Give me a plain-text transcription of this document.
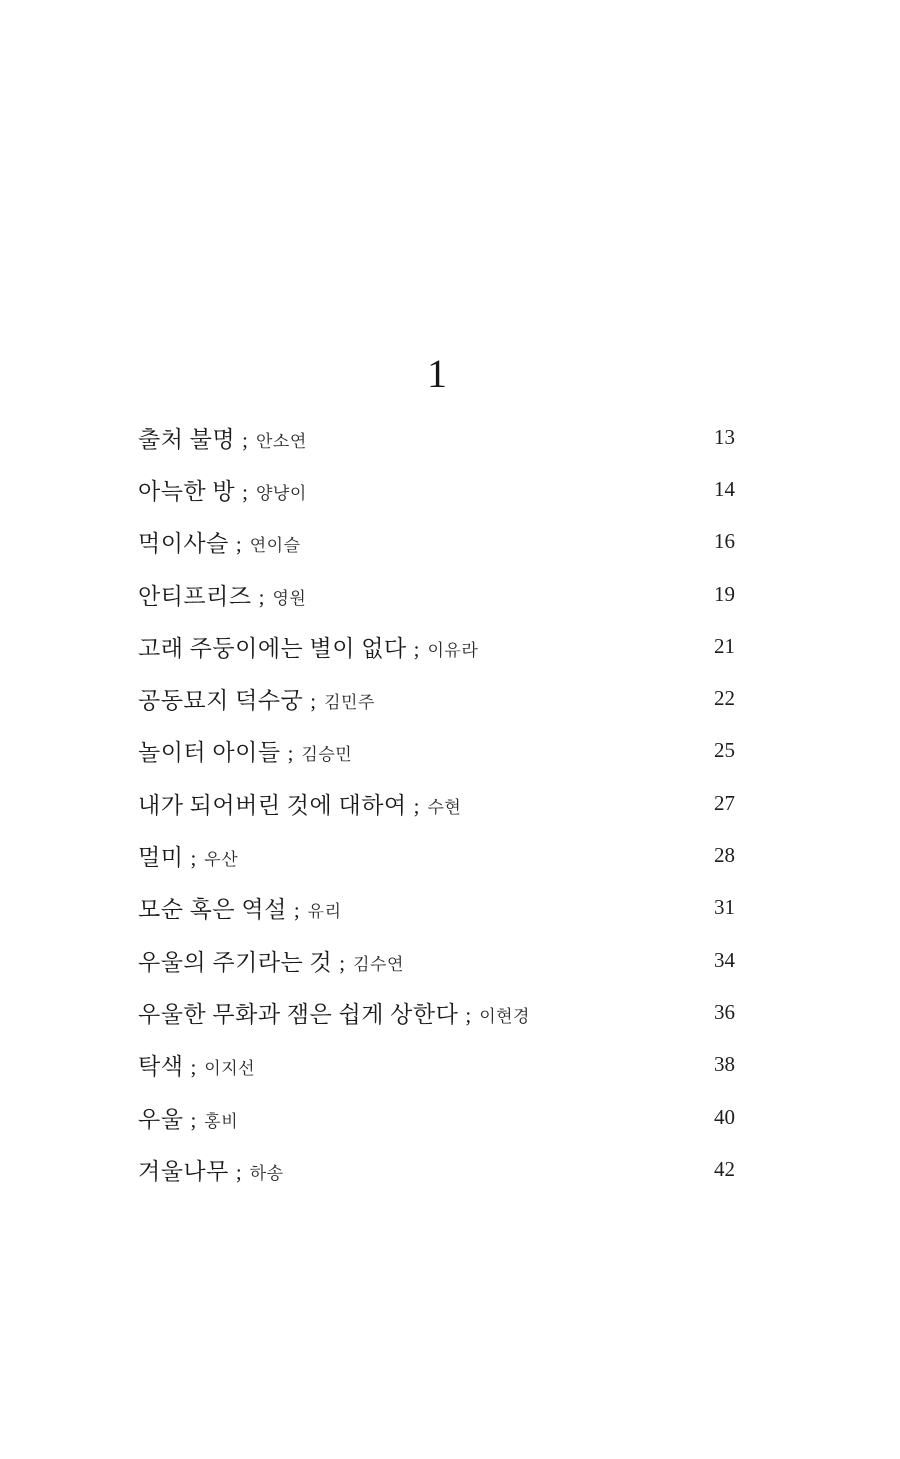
1
출처 불명 ; 안소연	13
아늑한 방 ; 양냥이	14
먹이사슬 ; 연이슬	16
안티프리즈 ; 영원	19
고래 주둥이에는 별이 없다 ; 이유라	21
공동묘지 덕수궁 ; 김민주	22
놀이터 아이들 ; 김승민	25
내가 되어버린 것에 대하여 ; 수현	27
멀미 ; 우산	28
모순 혹은 역설 ; 유리	31
우울의 주기라는 것 ; 김수연	34
우울한 무화과 잼은 쉽게 상한다 ; 이현경	36
탁색 ; 이지선	38
우울 ; 홍비	40
겨울나무 ; 하송	42
